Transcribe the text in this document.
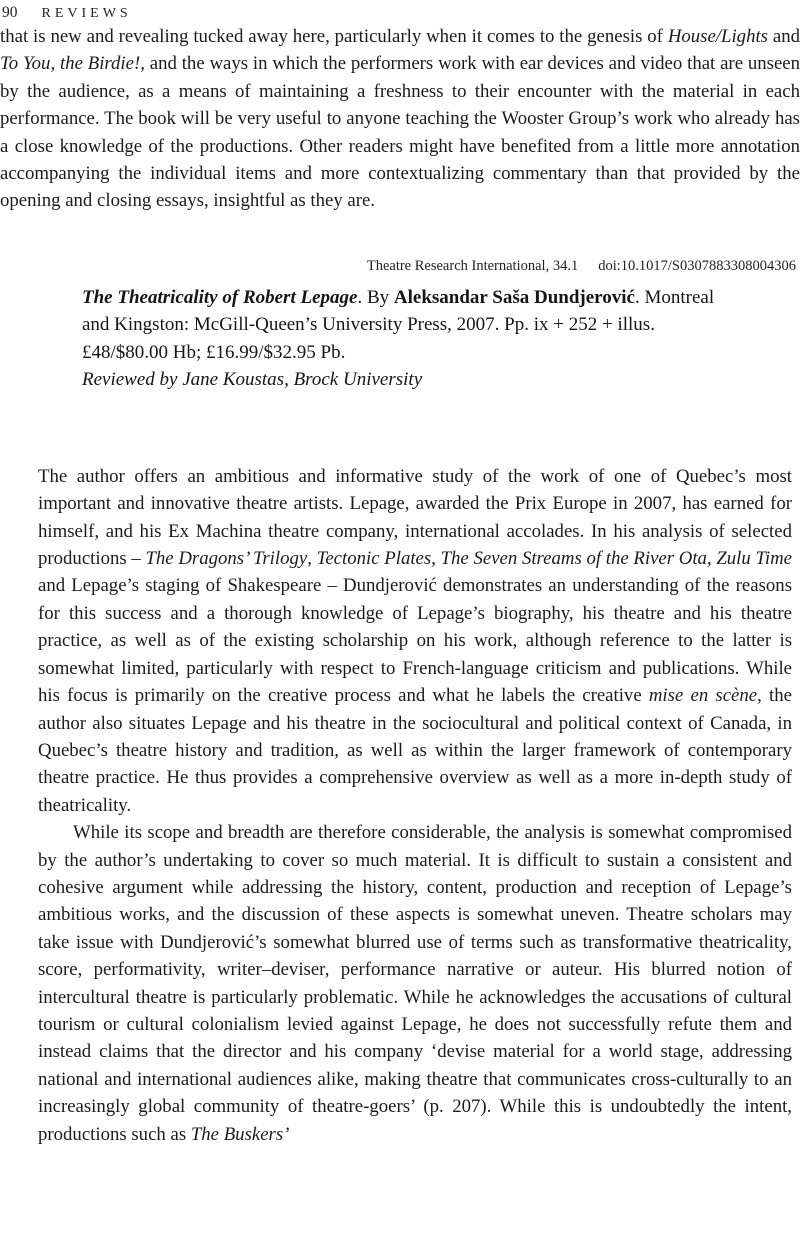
90 REVIEWS

that is new and revealing tucked away here, particularly when it comes to the genesis of House/Lights and To You, the Birdie!, and the ways in which the performers work with ear devices and video that are unseen by the audience, as a means of maintaining a freshness to their encounter with the material in each performance. The book will be very useful to anyone teaching the Wooster Group’s work who already has a close knowledge of the productions. Other readers might have benefited from a little more annotation accompanying the individual items and more contextualizing commentary than that provided by the opening and closing essays, insightful as they are.

Theatre Research International, 34.1 doi:10.1017/S0307883308004306
The Theatricality of Robert Lepage. By Aleksandar Saša Dundjerović. Montreal
and Kingston: McGill-Queen’s University Press, 2007. Pp. ix + 252 + illus.
£48/$80.00 Hb; £16.99/$32.95 Pb.
Reviewed by Jane Koustas, Brock University

The author offers an ambitious and informative study of the work of one of Quebec’s most important and innovative theatre artists. Lepage, awarded the Prix Europe in 2007, has earned for himself, and his Ex Machina theatre company, international accolades. In his analysis of selected productions – The Dragons’ Trilogy, Tectonic Plates, The Seven Streams of the River Ota, Zulu Time and Lepage’s staging of Shakespeare – Dundjerović demonstrates an understanding of the reasons for this success and a thorough knowledge of Lepage’s biography, his theatre and his theatre practice, as well as of the existing scholarship on his work, although reference to the latter is somewhat limited, particularly with respect to French-language criticism and publications. While his focus is primarily on the creative process and what he labels the creative mise en scène, the author also situates Lepage and his theatre in the sociocultural and political context of Canada, in Quebec’s theatre history and tradition, as well as within the larger framework of contemporary theatre practice. He thus provides a comprehensive overview as well as a more in-depth study of theatricality.

While its scope and breadth are therefore considerable, the analysis is somewhat compromised by the author’s undertaking to cover so much material. It is difficult to sustain a consistent and cohesive argument while addressing the history, content, production and reception of Lepage’s ambitious works, and the discussion of these aspects is somewhat uneven. Theatre scholars may take issue with Dundjerović’s somewhat blurred use of terms such as transformative theatricality, score, performativity, writer–deviser, performance narrative or auteur. His blurred notion of intercultural theatre is particularly problematic. While he acknowledges the accusations of cultural tourism or cultural colonialism levied against Lepage, he does not successfully refute them and instead claims that the director and his company ‘devise material for a world stage, addressing national and international audiences alike, making theatre that communicates cross-culturally to an increasingly global community of theatre-goers’ (p. 207). While this is undoubtedly the intent, productions such as The Buskers’
